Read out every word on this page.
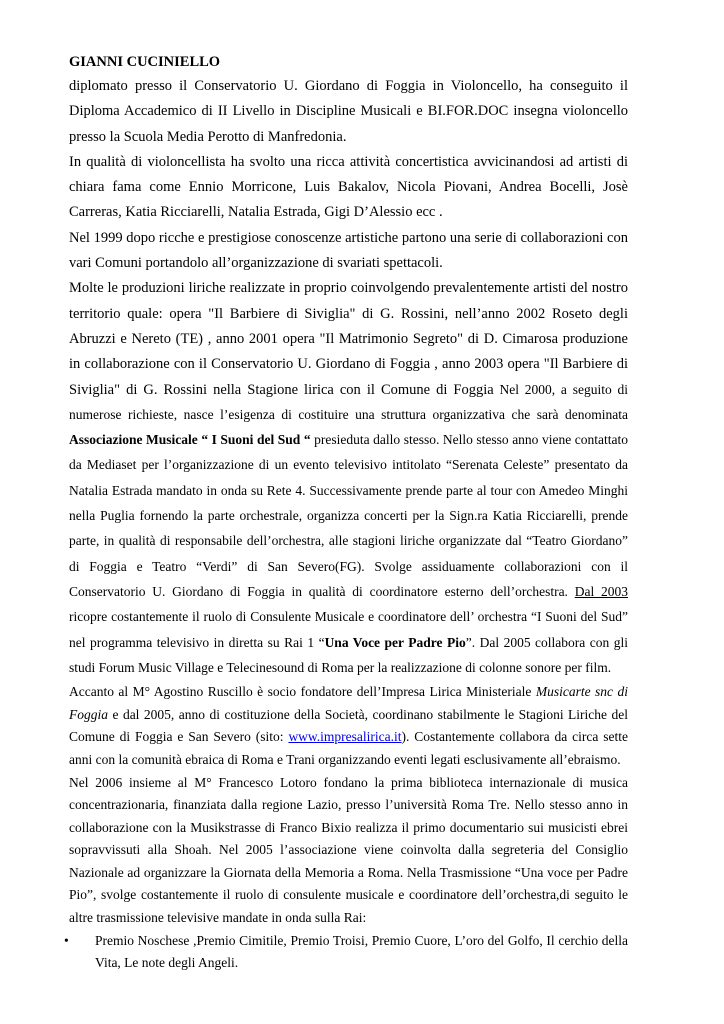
GIANNI CUCINIELLO

diplomato presso il Conservatorio U. Giordano di Foggia in Violoncello, ha conseguito il Diploma Accademico di II Livello in Discipline Musicali e BI.FOR.DOC insegna violoncello presso la Scuola Media Perotto di Manfredonia.

In qualità di violoncellista ha svolto una ricca attività concertistica avvicinandosi ad artisti di chiara fama come Ennio Morricone, Luis Bakalov, Nicola Piovani, Andrea Bocelli, Josè Carreras, Katia Ricciarelli, Natalia Estrada, Gigi D’Alessio ecc .

Nel 1999 dopo ricche e prestigiose conoscenze artistiche partono una serie di collaborazioni con vari Comuni portandolo all’organizzazione di svariati spettacoli.

Molte le produzioni liriche realizzate in proprio coinvolgendo prevalentemente artisti del nostro territorio quale: opera "Il Barbiere di Siviglia" di G. Rossini, nell’anno 2002 Roseto degli Abruzzi e Nereto (TE) , anno 2001 opera "Il Matrimonio Segreto" di D. Cimarosa produzione in collaborazione con il Conservatorio U. Giordano di Foggia , anno 2003 opera "Il Barbiere di Siviglia" di G. Rossini nella Stagione lirica con il Comune di Foggia Nel 2000, a seguito di numerose richieste, nasce l’esigenza di costituire una struttura organizzativa che sarà denominata Associazione Musicale “ I Suoni del Sud “ presieduta dallo stesso. Nello stesso anno viene contattato da Mediaset per l’organizzazione di un evento televisivo intitolato “Serenata Celeste” presentato da Natalia Estrada mandato in onda su Rete 4. Successivamente prende parte al tour con Amedeo Minghi nella Puglia fornendo la parte orchestrale, organizza concerti per la Sign.ra Katia Ricciarelli, prende parte, in qualità di responsabile dell’orchestra, alle stagioni liriche organizzate dal “Teatro Giordano” di Foggia e Teatro “Verdi” di San Severo(FG). Svolge assiduamente collaborazioni con il Conservatorio U. Giordano di Foggia in qualità di coordinatore esterno dell’orchestra. Dal 2003 ricopre costantemente il ruolo di Consulente Musicale e coordinatore dell’ orchestra “I Suoni del Sud” nel programma televisivo in diretta su Rai 1 “Una Voce per Padre Pio”. Dal 2005 collabora con gli studi Forum Music Village e Telecinesound di Roma per la realizzazione di colonne sonore per film.

Accanto al M° Agostino Ruscillo è socio fondatore dell’Impresa Lirica Ministeriale Musicarte snc di Foggia e dal 2005, anno di costituzione della Società, coordinano stabilmente le Stagioni Liriche del Comune di Foggia e San Severo (sito: www.impresalirica.it). Costantemente collabora da circa sette anni con la comunità ebraica di Roma e Trani organizzando eventi legati esclusivamente all’ebraismo.

Nel 2006 insieme al M° Francesco Lotoro fondano la prima biblioteca internazionale di musica concentrazionaria, finanziata dalla regione Lazio, presso l’università Roma Tre. Nello stesso anno in collaborazione con la Musikstrasse di Franco Bixio realizza il primo documentario sui musicisti ebrei sopravvissuti alla Shoah. Nel 2005 l’associazione viene coinvolta dalla segreteria del Consiglio Nazionale ad organizzare la Giornata della Memoria a Roma. Nella Trasmissione “Una voce per Padre Pio”, svolge costantemente il ruolo di consulente musicale e coordinatore dell’orchestra,di seguito le altre trasmissione televisive mandate in onda sulla Rai:

• Premio Noschese ,Premio Cimitile, Premio Troisi, Premio Cuore, L’oro del Golfo, Il cerchio della Vita, Le note degli Angeli.
